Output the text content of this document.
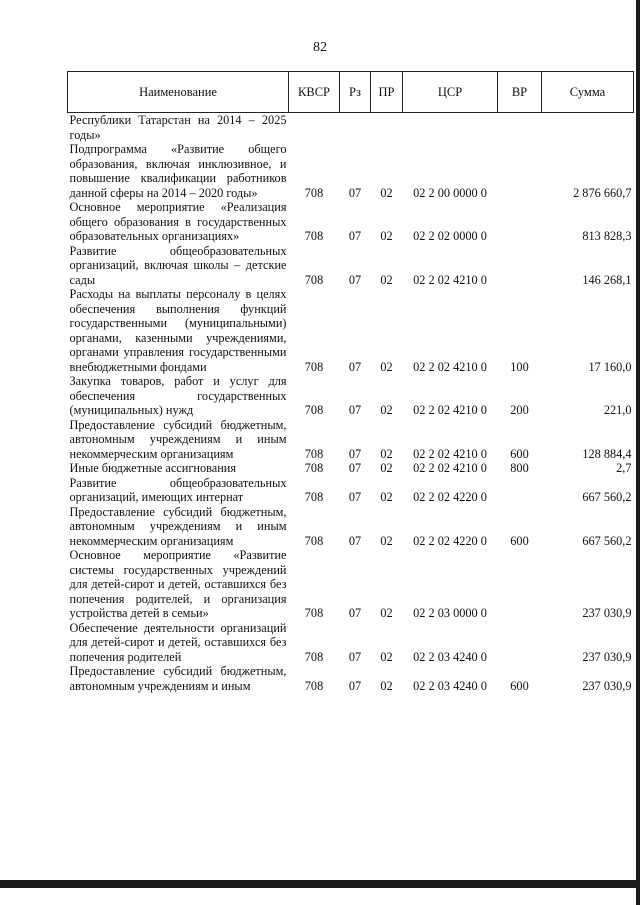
82
Наименование	КВСР	Рз	ПР	ЦСР	ВР	Сумма
Республики Татарстан на 2014 – 2025 годы»						
Подпрограмма «Развитие общего образования, включая инклюзивное, и повышение квалификации работников данной сферы на 2014 – 2020 годы»	708	07	02	02 2 00 0000 0		2 876 660,7
Основное мероприятие «Реализация общего образования в государственных образовательных организациях»	708	07	02	02 2 02 0000 0		813 828,3
Развитие общеобразовательных организаций, включая школы – детские сады	708	07	02	02 2 02 4210 0		146 268,1
Расходы на выплаты персоналу в целях обеспечения выполнения функций государственными (муниципальными) органами, казенными учреждениями, органами управления государственными внебюджетными фондами	708	07	02	02 2 02 4210 0	100	17 160,0
Закупка товаров, работ и услуг для обеспечения государственных (муниципальных) нужд	708	07	02	02 2 02 4210 0	200	221,0
Предоставление субсидий бюджетным, автономным учреждениям и иным некоммерческим организациям	708	07	02	02 2 02 4210 0	600	128 884,4
Иные бюджетные ассигнования	708	07	02	02 2 02 4210 0	800	2,7
Развитие общеобразовательных организаций, имеющих интернат	708	07	02	02 2 02 4220 0		667 560,2
Предоставление субсидий бюджетным, автономным учреждениям и иным некоммерческим организациям	708	07	02	02 2 02 4220 0	600	667 560,2
Основное мероприятие «Развитие системы государственных учреждений для детей-сирот и детей, оставшихся без попечения родителей, и организация устройства детей в семьи»	708	07	02	02 2 03 0000 0		237 030,9
Обеспечение деятельности организаций для детей-сирот и детей, оставшихся без попечения родителей	708	07	02	02 2 03 4240 0		237 030,9
Предоставление субсидий бюджетным, автономным учреждениям и иным	708	07	02	02 2 03 4240 0	600	237 030,9
